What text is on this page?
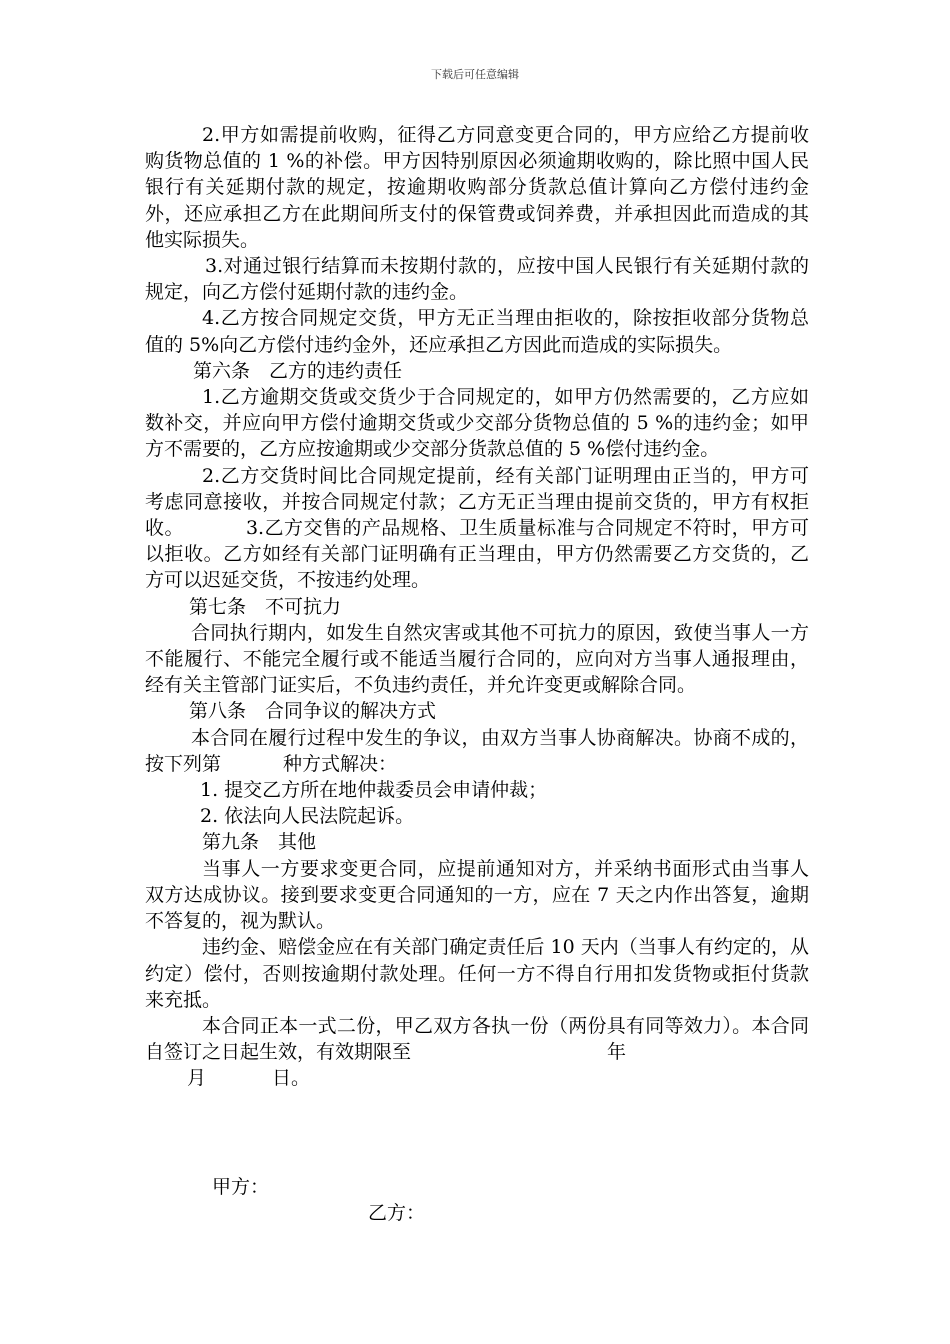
下载后可任意编辑

2.甲方如需提前收购，征得乙方同意变更合同的，甲方应给乙方提前收购货物总值的 1 %的补偿。甲方因特别原因必须逾期收购的，除比照中国人民银行有关延期付款的规定，按逾期收购部分货款总值计算向乙方偿付违约金外，还应承担乙方在此期间所支付的保管费或饲养费，并承担因此而造成的其他实际损失。

3.对通过银行结算而未按期付款的，应按中国人民银行有关延期付款的规定，向乙方偿付延期付款的违约金。

4.乙方按合同规定交货，甲方无正当理由拒收的，除按拒收部分货物总值的 5%向乙方偿付违约金外，还应承担乙方因此而造成的实际损失。

第六条　乙方的违约责任

1.乙方逾期交货或交货少于合同规定的，如甲方仍然需要的，乙方应如数补交，并应向甲方偿付逾期交货或少交部分货物总值的 5 %的违约金；如甲方不需要的，乙方应按逾期或少交部分货款总值的 5 %偿付违约金。

2.乙方交货时间比合同规定提前，经有关部门证明理由正当的，甲方可考虑同意接收，并按合同规定付款；乙方无正当理由提前交货的，甲方有权拒收。	3.乙方交售的产品规格、卫生质量标准与合同规定不符时，甲方可以拒收。乙方如经有关部门证明确有正当理由，甲方仍然需要乙方交货的，乙方可以迟延交货，不按违约处理。

第七条　不可抗力

合同执行期内，如发生自然灾害或其他不可抗力的原因，致使当事人一方不能履行、不能完全履行或不能适当履行合同的，应向对方当事人通报理由，经有关主管部门证实后，不负违约责任，并允许变更或解除合同。

第八条　合同争议的解决方式

本合同在履行过程中发生的争议，由双方当事人协商解决。协商不成的，按下列第	种方式解决：

1. 提交乙方所在地仲裁委员会申请仲裁；

2. 依法向人民法院起诉。

第九条　其他

当事人一方要求变更合同，应提前通知对方，并采纳书面形式由当事人双方达成协议。接到要求变更合同通知的一方，应在 7 天之内作出答复，逾期不答复的，视为默认。

违约金、赔偿金应在有关部门确定责任后 10 天内（当事人有约定的，从约定）偿付，否则按逾期付款处理。任何一方不得自行用扣发货物或拒付货款来充抵。

本合同正本一式二份，甲乙双方各执一份（两份具有同等效力）。本合同自签订之日起生效，有效期限至	年

月	日。

甲方：
乙方：
